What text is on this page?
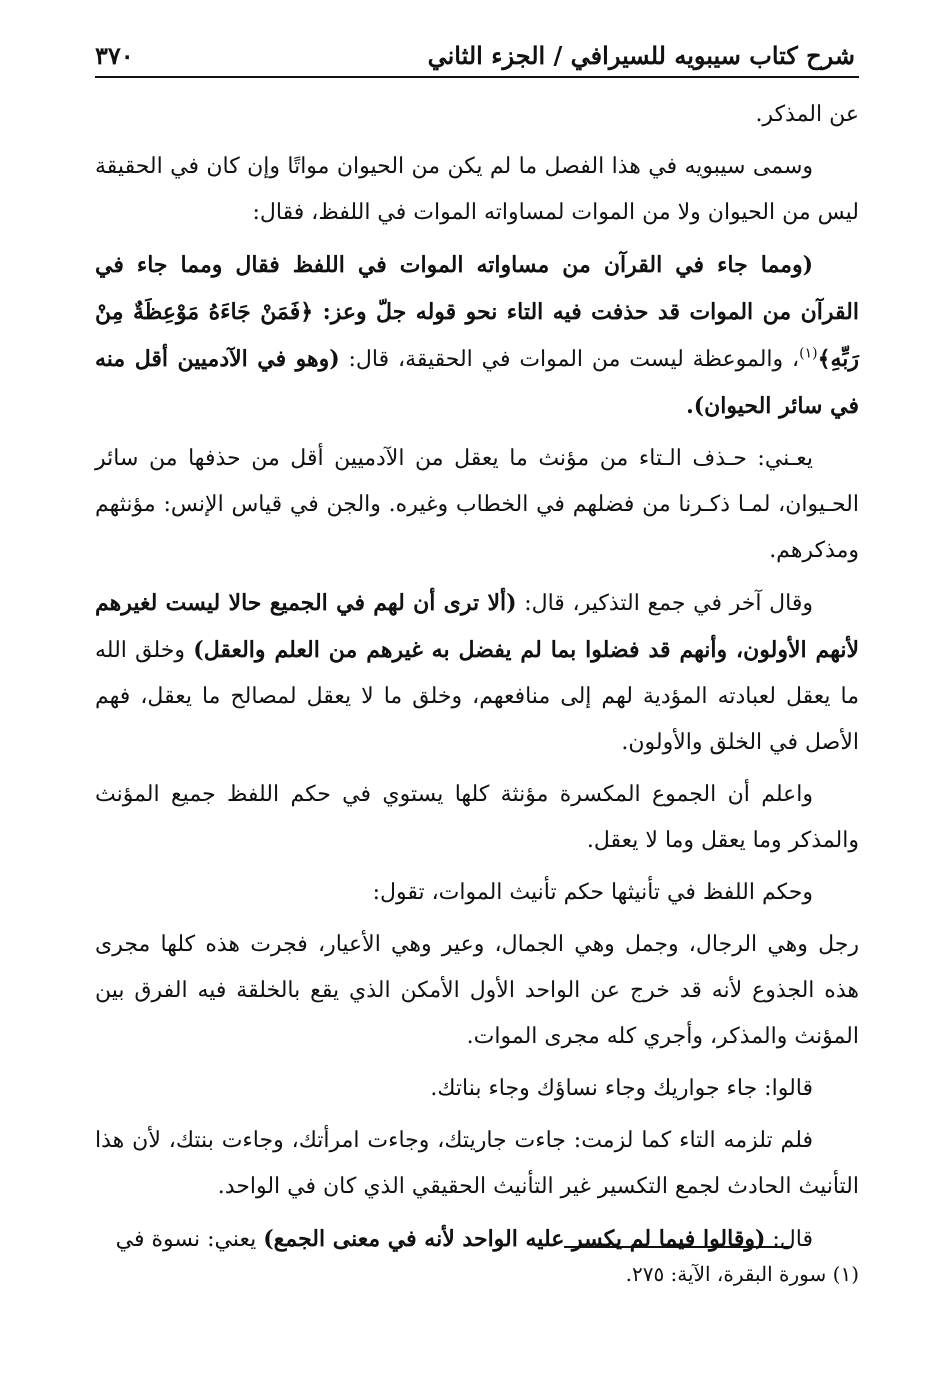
شرح كتاب سيبويه للسيرافي / الجزء الثاني
٣٧٠

عن المذكر.

وسمى سيبويه في هذا الفصل ما لم يكن من الحيوان مواتًا وإن كان في الحقيقة ليس من الحيوان ولا من الموات لمساواته الموات في اللفظ، فقال:

(ومما جاء في القرآن من مساواته الموات في اللفظ فقال ومما جاء في القرآن من الموات قد حذفت فيه التاء نحو قوله جلّ وعز: ﴿فَمَنْ جَاءَهُ مَوْعِظَةٌ مِنْ رَبِّهِ﴾$^{(١)}$، والموعظة ليست من الموات في الحقيقة، قال: (وهو في الآدميين أقل منه في سائر الحيوان).

يعـني: حـذف الـتاء من مؤنث ما يعقل من الآدميين أقل من حذفها من سائر الحـيوان، لمـا ذكـرنا من فضلهم في الخطاب وغيره. والجن في قياس الإنس: مؤنثهم ومذكرهم.

وقال آخر في جمع التذكير، قال: (ألا ترى أن لهم في الجميع حالا ليست لغيرهم لأنهم الأولون، وأنهم قد فضلوا بما لم يفضل به غيرهم من العلم والعقل) وخلق الله ما يعقل لعبادته المؤدية لهم إلى منافعهم، وخلق ما لا يعقل لمصالح ما يعقل، فهم الأصل في الخلق والأولون.

واعلم أن الجموع المكسرة مؤنثة كلها يستوي في حكم اللفظ جميع المؤنث والمذكر وما يعقل وما لا يعقل.

وحكم اللفظ في تأنيثها حكم تأنيث الموات، تقول:

رجل وهي الرجال، وجمل وهي الجمال، وعير وهي الأعيار، فجرت هذه كلها مجرى هذه الجذوع لأنه قد خرج عن الواحد الأول الأمكن الذي يقع بالخلقة فيه الفرق بين المؤنث والمذكر، وأجري كله مجرى الموات.

قالوا: جاء جواريك وجاء نساؤك وجاء بناتك.

فلم تلزمه التاء كما لزمت: جاءت جاريتك، وجاءت امرأتك، وجاءت بنتك، لأن هذا التأنيث الحادث لجمع التكسير غير التأنيث الحقيقي الذي كان في الواحد.

قال: (وقالوا فيما لم يكسر عليه الواحد لأنه في معنى الجمع) يعني: نسوة في

(١) سورة البقرة، الآية: ٢٧٥.
